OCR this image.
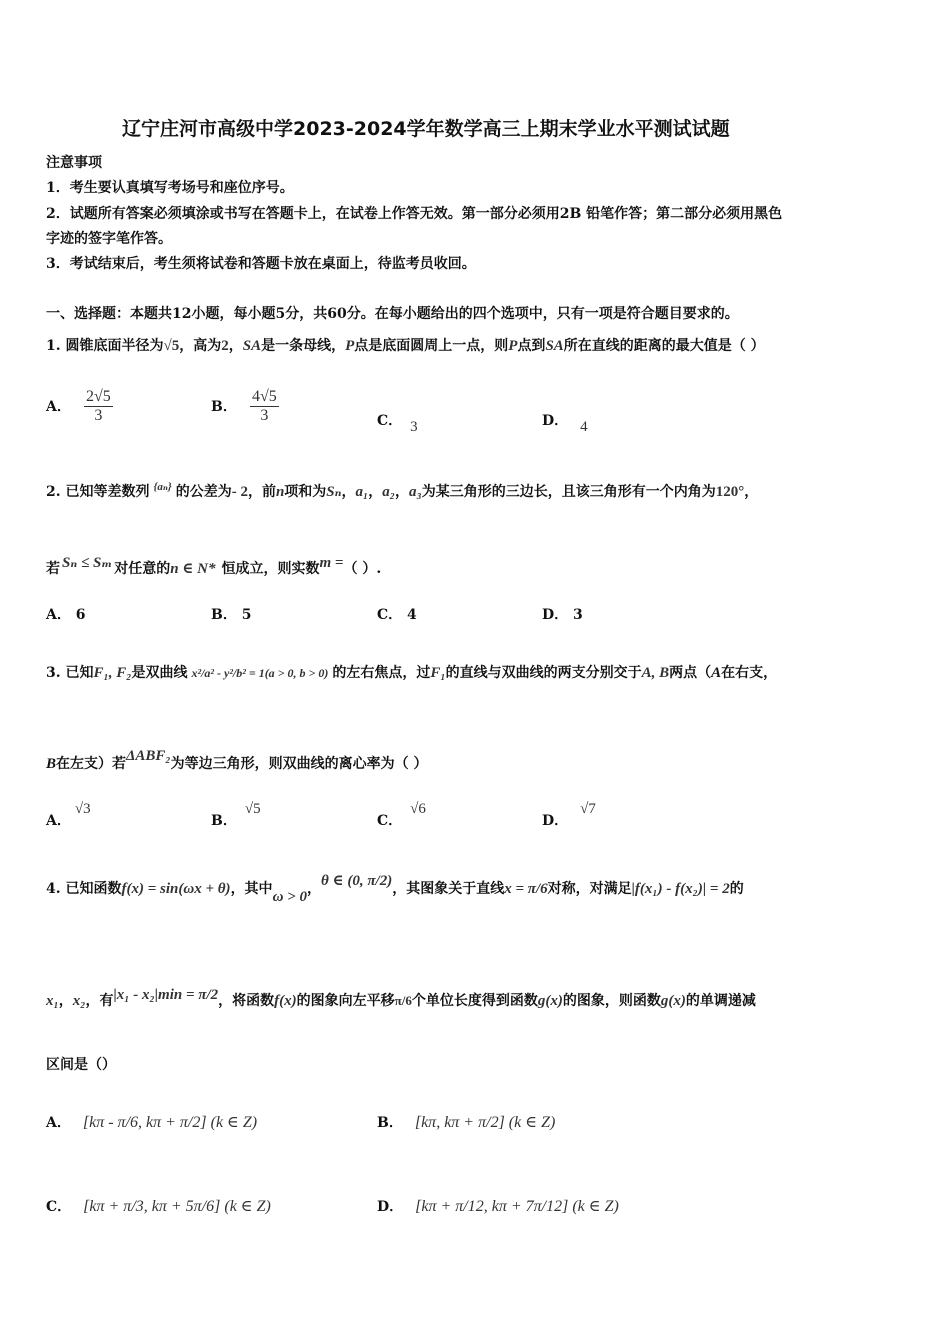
辽宁庄河市高级中学2023-2024学年数学高三上期末学业水平测试试题
注意事项
1．考生要认真填写考场号和座位序号。
2．试题所有答案必须填涂或书写在答题卡上，在试卷上作答无效。第一部分必须用2B 铅笔作答；第二部分必须用黑色
字迹的签字笔作答。
3．考试结束后，考生须将试卷和答题卡放在桌面上，待监考员收回。
一、选择题：本题共12小题，每小题5分，共60分。在每小题给出的四个选项中，只有一项是符合题目要求的。
1. 圆锥底面半径为√5，高为2，SA是一条母线，P点是底面圆周上一点，则P点到SA所在直线的距离的最大值是（ ）
A． $\frac{2√5}{3}$	B． $\frac{4√5}{3}$	C． 3	D． 4
2. 已知等差数列 $^{\{a_n\}}$ 的公差为- 2，前n项和为Sₙ，a₁，a₂，a₃为某三角形的三边长，且该三角形有一个内角为120°，
若 Sₙ ≤ Sₘ 对任意的n ∈ N* 恒成立，则实数m =（ ）.
A． 6	B． 5	C． 4	D． 3
3. 已知F₁, F₂是双曲线 x²/a² - y²/b² = 1(a > 0, b > 0) 的左右焦点，过F₁的直线与双曲线的两支分别交于A, B两点（A在右支，
B在左支）若ΔABF₂为等边三角形，则双曲线的离心率为（ ）
A．√3
B．√5
C．√6
D．√7
4. 已知函数f(x) = sin(ωx + θ)，其中ω > 0，θ ∈ (0, π/2)，其图象关于直线x = π/6对称，对满足|f(x₁) - f(x₂)| = 2的
x₁，x₂，有|x₁ - x₂|min = π/2，将函数f(x)的图象向左平移π/6个单位长度得到函数g(x)的图象，则函数g(x)的单调递减
区间是（）
A． [kπ - π/6, kπ + π/2] (k ∈ Z)	B． [kπ, kπ + π/2] (k ∈ Z)
C． [kπ + π/3, kπ + 5π/6] (k ∈ Z)	D． [kπ + π/12, kπ + 7π/12] (k ∈ Z)
